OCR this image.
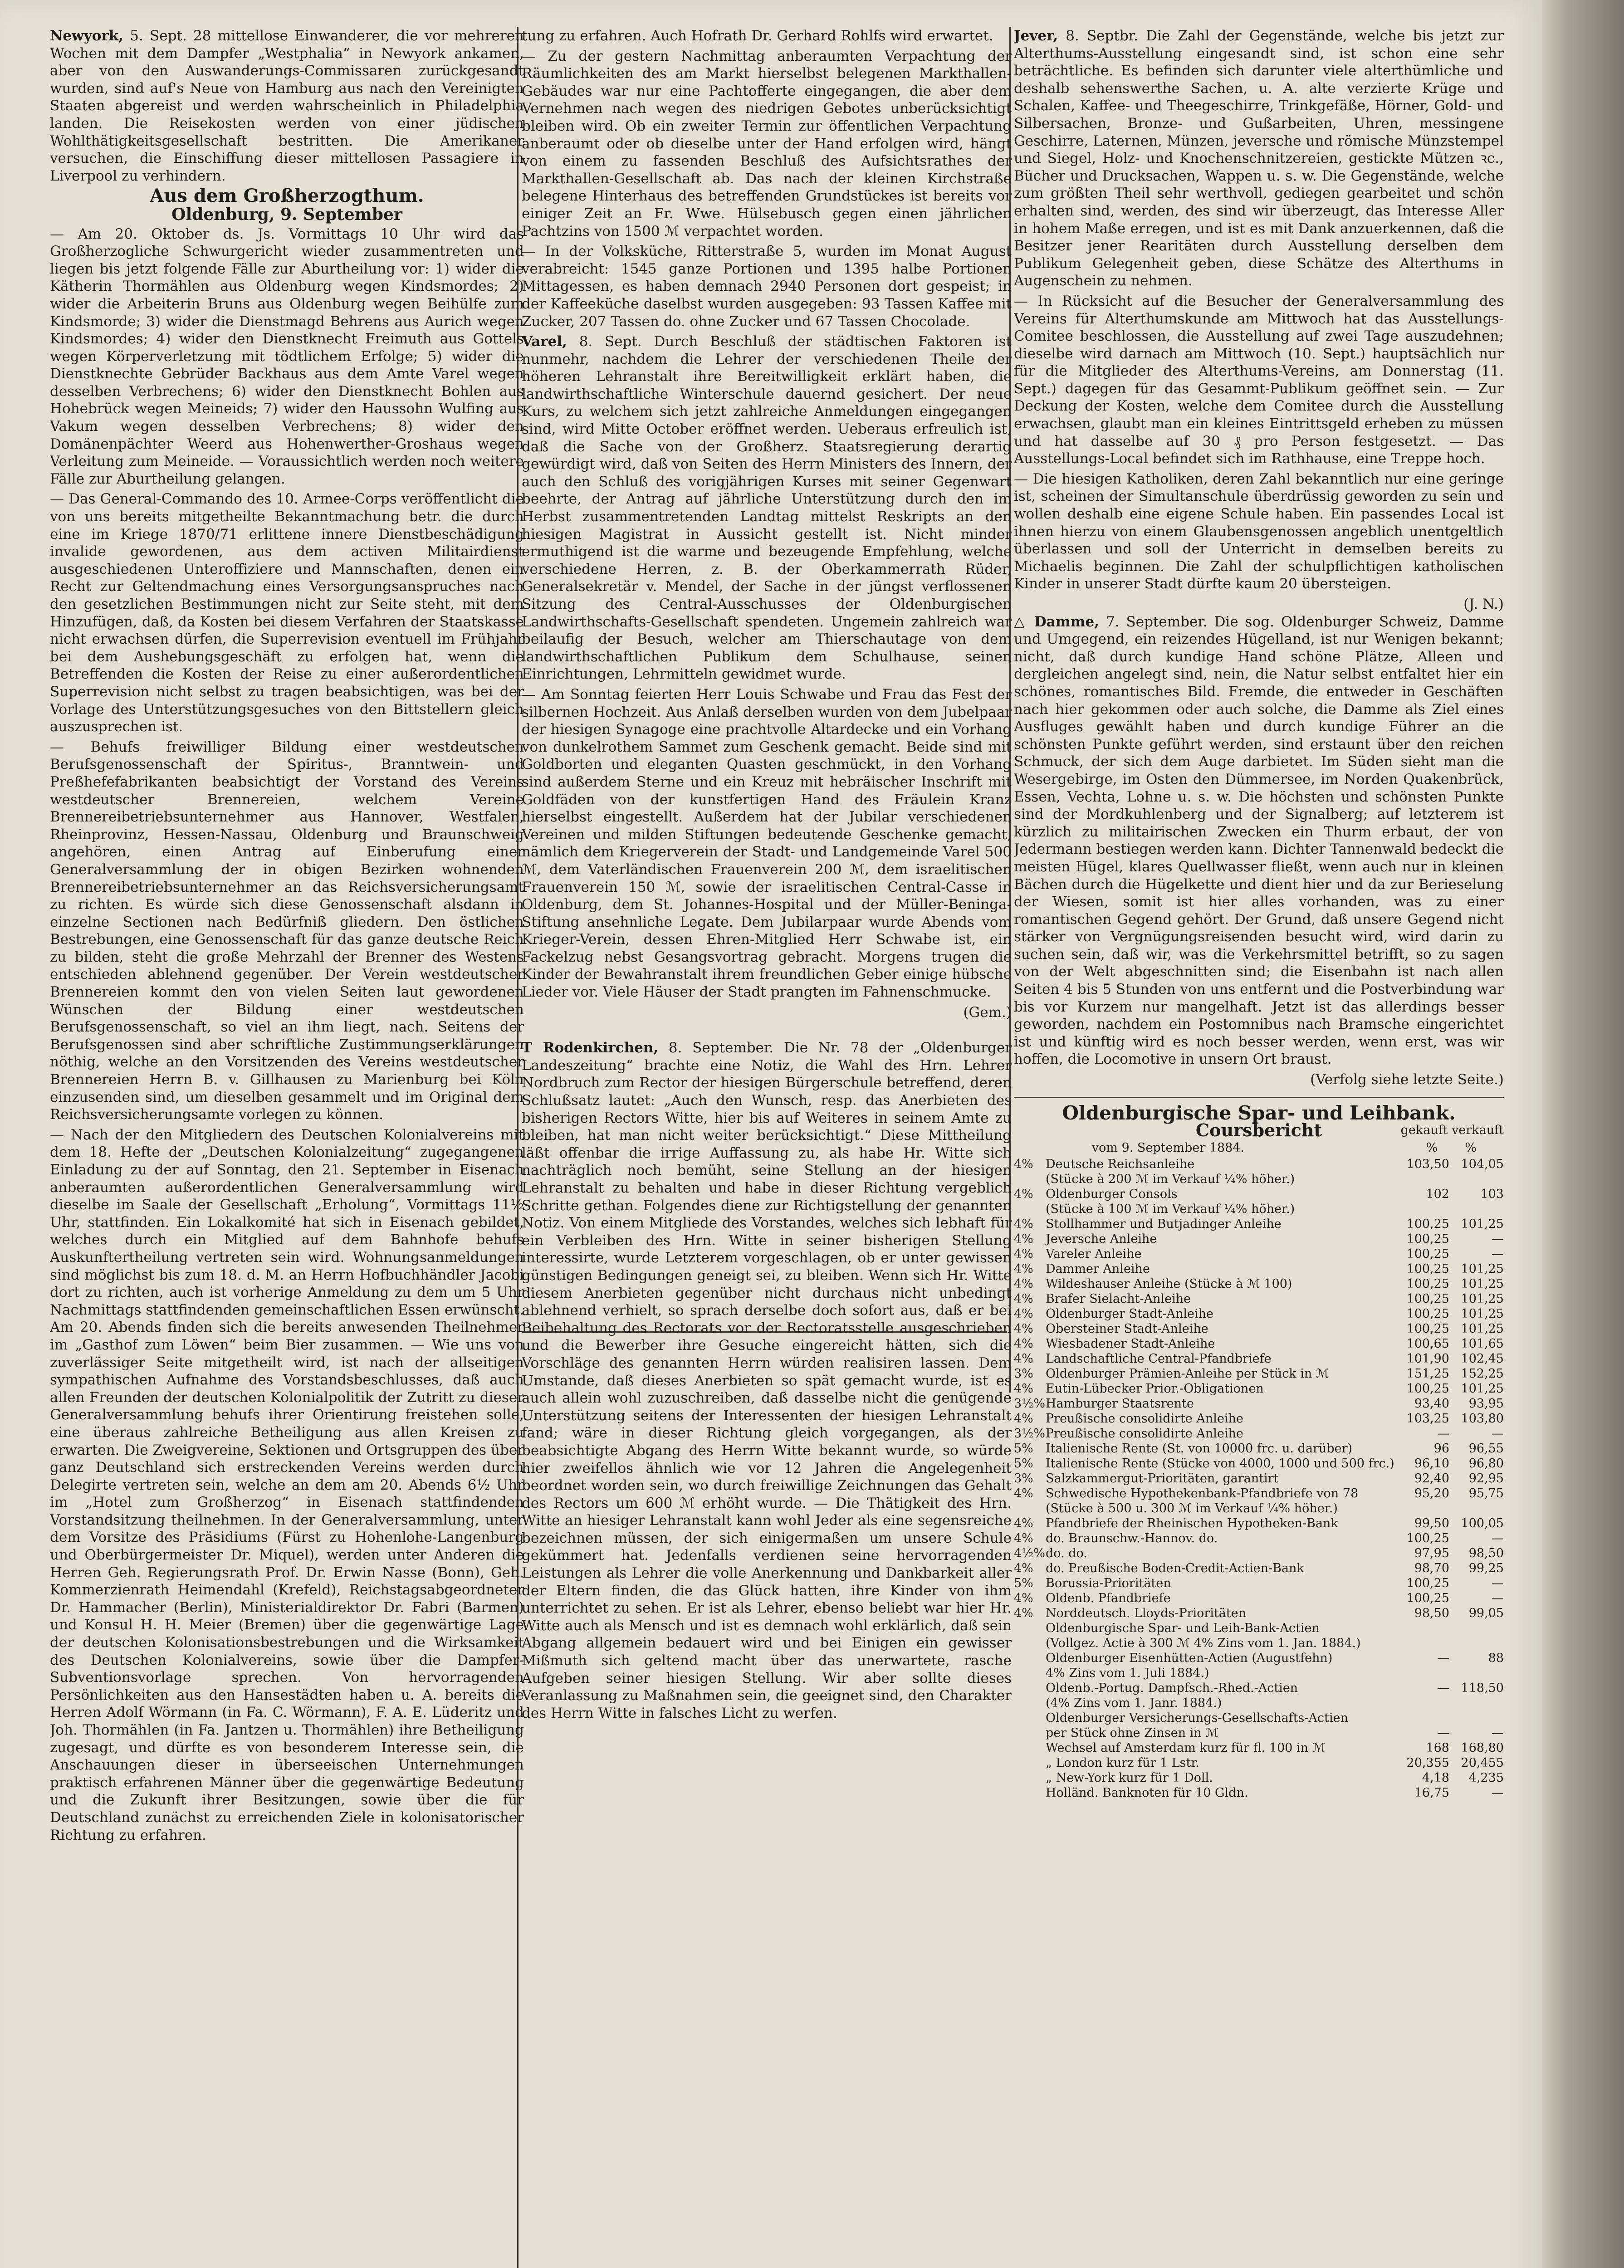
Newyork, 5. Sept. 28 mittellose Einwanderer, die vor mehreren Wochen mit dem Dampfer „Westphalia“ in Newyork ankamen, aber von den Auswanderungs-Commissaren zurückgesandt wurden, sind auf's Neue von Hamburg aus nach den Vereinigten Staaten abgereist und werden wahrscheinlich in Philadelphia landen. Die Reisekosten werden von einer jüdischen Wohlthätigkeitsgesellschaft bestritten. Die Amerikaner versuchen, die Einschiffung dieser mittellosen Passagiere in Liverpool zu verhindern.

Aus dem Großherzogthum.

Oldenburg, 9. September

— Am 20. Oktober ds. Js. Vormittags 10 Uhr wird das Großherzogliche Schwurgericht wieder zusammentreten und liegen bis jetzt folgende Fälle zur Aburtheilung vor: 1) wider die Kätherin Thormählen aus Oldenburg wegen Kindsmordes; 2) wider die Arbeiterin Bruns aus Oldenburg wegen Beihülfe zum Kindsmorde; 3) wider die Dienstmagd Behrens aus Aurich wegen Kindsmordes; 4) wider den Dienstknecht Freimuth aus Gottels wegen Körperverletzung mit tödtlichem Erfolge; 5) wider die Dienstknechte Gebrüder Backhaus aus dem Amte Varel wegen desselben Verbrechens; 6) wider den Dienstknecht Bohlen aus Hohebrück wegen Meineids; 7) wider den Haussohn Wulfing aus Vakum wegen desselben Verbrechens; 8) wider den Domänenpächter Weerd aus Hohenwerther-Groshaus wegen Verleitung zum Meineide. — Voraussichtlich werden noch weitere Fälle zur Aburtheilung gelangen.

— Das General-Commando des 10. Armee-Corps veröffentlicht die von uns bereits mitgetheilte Bekanntmachung betr. die durch eine im Kriege 1870/71 erlittene innere Dienstbeschädigung invalide gewordenen, aus dem activen Militairdienst ausgeschiedenen Unteroffiziere und Mannschaften, denen ein Recht zur Geltendmachung eines Versorgungsanspruches nach den gesetzlichen Bestimmungen nicht zur Seite steht, mit dem Hinzufügen, daß, da Kosten bei diesem Verfahren der Staatskasse nicht erwachsen dürfen, die Superrevision eventuell im Frühjahr bei dem Aushebungsgeschäft zu erfolgen hat, wenn die Betreffenden die Kosten der Reise zu einer außerordentlichen Superrevision nicht selbst zu tragen beabsichtigen, was bei der Vorlage des Unterstützungsgesuches von den Bittstellern gleich auszusprechen ist.

— Behufs freiwilliger Bildung einer westdeutschen Berufsgenossenschaft der Spiritus-, Branntwein- und Preßhefefabrikanten beabsichtigt der Vorstand des Vereins westdeutscher Brennereien, welchem Vereine Brennereibetriebsunternehmer aus Hannover, Westfalen, Rheinprovinz, Hessen-Nassau, Oldenburg und Braunschweig angehören, einen Antrag auf Einberufung einer Generalversammlung der in obigen Bezirken wohnenden Brennereibetriebsunternehmer an das Reichsversicherungsamt zu richten. Es würde sich diese Genossenschaft alsdann in einzelne Sectionen nach Bedürfniß gliedern. Den östlichen Bestrebungen, eine Genossenschaft für das ganze deutsche Reich zu bilden, steht die große Mehrzahl der Brenner des Westens entschieden ablehnend gegenüber. Der Verein westdeutscher Brennereien kommt den von vielen Seiten laut gewordenen Wünschen der Bildung einer westdeutschen Berufsgenossenschaft, so viel an ihm liegt, nach. Seitens der Berufsgenossen sind aber schriftliche Zustimmungserklärungen nöthig, welche an den Vorsitzenden des Vereins westdeutscher Brennereien Herrn B. v. Gillhausen zu Marienburg bei Köln einzusenden sind, um dieselben gesammelt und im Original dem Reichsversicherungsamte vorlegen zu können.

— Nach der den Mitgliedern des Deutschen Kolonialvereins mit dem 18. Hefte der „Deutschen Kolonialzeitung“ zugegangenen Einladung zu der auf Sonntag, den 21. September in Eisenach anberaumten außerordentlichen Generalversammlung wird dieselbe im Saale der Gesellschaft „Erholung“, Vormittags 11½ Uhr, stattfinden. Ein Lokalkomité hat sich in Eisenach gebildet, welches durch ein Mitglied auf dem Bahnhofe behufs Auskunftertheilung vertreten sein wird. Wohnungsanmeldungen sind möglichst bis zum 18. d. M. an Herrn Hofbuchhändler Jacobi dort zu richten, auch ist vorherige Anmeldung zu dem um 5 Uhr Nachmittags stattfindenden gemeinschaftlichen Essen erwünscht. Am 20. Abends finden sich die bereits anwesenden Theilnehmer im „Gasthof zum Löwen“ beim Bier zusammen. — Wie uns von zuverlässiger Seite mitgetheilt wird, ist nach der allseitigen sympathischen Aufnahme des Vorstandsbeschlusses, daß auch allen Freunden der deutschen Kolonialpolitik der Zutritt zu dieser Generalversammlung behufs ihrer Orientirung freistehen solle, eine überaus zahlreiche Betheiligung aus allen Kreisen zu erwarten. Die Zweigvereine, Sektionen und Ortsgruppen des über ganz Deutschland sich erstreckenden Vereins werden durch Delegirte vertreten sein, welche an dem am 20. Abends 6½ Uhr im „Hotel zum Großherzog“ in Eisenach stattfindenden Vorstandsitzung theilnehmen. In der Generalversammlung, unter dem Vorsitze des Präsidiums (Fürst zu Hohenlohe-Langenburg und Oberbürgermeister Dr. Miquel), werden unter Anderen die Herren Geh. Regierungsrath Prof. Dr. Erwin Nasse (Bonn), Geh. Kommerzienrath Heimendahl (Krefeld), Reichstagsabgeordneter Dr. Hammacher (Berlin), Ministerialdirektor Dr. Fabri (Barmen) und Konsul H. H. Meier (Bremen) über die gegenwärtige Lage der deutschen Kolonisationsbestrebungen und die Wirksamkeit des Deutschen Kolonialvereins, sowie über die Dampfer-Subventionsvorlage sprechen. Von hervorragenden Persönlichkeiten aus den Hansestädten haben u. A. bereits die Herren Adolf Wörmann (in Fa. C. Wörmann), F. A. E. Lüderitz und Joh. Thormählen (in Fa. Jantzen u. Thormählen) ihre Betheiligung zugesagt, und dürfte es von besonderem Interesse sein, die Anschauungen dieser in überseeischen Unternehmungen praktisch erfahrenen Männer über die gegenwärtige Bedeutung und die Zukunft ihrer Besitzungen, sowie über die für Deutschland zunächst zu erreichenden Ziele in kolonisatorischer Richtung zu erfahren.

tung zu erfahren. Auch Hofrath Dr. Gerhard Rohlfs wird erwartet.

— Zu der gestern Nachmittag anberaumten Verpachtung der Räumlichkeiten des am Markt hierselbst belegenen Markthallen-Gebäudes war nur eine Pachtofferte eingegangen, die aber dem Vernehmen nach wegen des niedrigen Gebotes unberücksichtigt bleiben wird. Ob ein zweiter Termin zur öffentlichen Verpachtung anberaumt oder ob dieselbe unter der Hand erfolgen wird, hängt von einem zu fassenden Beschluß des Aufsichtsrathes der Markthallen-Gesellschaft ab. Das nach der kleinen Kirchstraße belegene Hinterhaus des betreffenden Grundstückes ist bereits vor einiger Zeit an Fr. Wwe. Hülsebusch gegen einen jährlichen Pachtzins von 1500 ℳ verpachtet worden.

— In der Volksküche, Ritterstraße 5, wurden im Monat August verabreicht: 1545 ganze Portionen und 1395 halbe Portionen Mittagessen, es haben demnach 2940 Personen dort gespeist; in der Kaffeeküche daselbst wurden ausgegeben: 93 Tassen Kaffee mit Zucker, 207 Tassen do. ohne Zucker und 67 Tassen Chocolade.

Varel, 8. Sept. Durch Beschluß der städtischen Faktoren ist nunmehr, nachdem die Lehrer der verschiedenen Theile der höheren Lehranstalt ihre Bereitwilligkeit erklärt haben, die landwirthschaftliche Winterschule dauernd gesichert. Der neue Kurs, zu welchem sich jetzt zahlreiche Anmeldungen eingegangen sind, wird Mitte October eröffnet werden. Ueberaus erfreulich ist, daß die Sache von der Großherz. Staatsregierung derartig gewürdigt wird, daß von Seiten des Herrn Ministers des Innern, der auch den Schluß des vorigjährigen Kurses mit seiner Gegenwart beehrte, der Antrag auf jährliche Unterstützung durch den im Herbst zusammentretenden Landtag mittelst Reskripts an den hiesigen Magistrat in Aussicht gestellt ist. Nicht minder ermuthigend ist die warme und bezeugende Empfehlung, welche verschiedene Herren, z. B. der Oberkammerrath Rüder, Generalsekretär v. Mendel, der Sache in der jüngst verflossenen Sitzung des Central-Ausschusses der Oldenburgischen Landwirthschafts-Gesellschaft spendeten. Ungemein zahlreich war beilaufig der Besuch, welcher am Thierschautage von dem landwirthschaftlichen Publikum dem Schulhause, seinen Einrichtungen, Lehrmitteln gewidmet wurde.

— Am Sonntag feierten Herr Louis Schwabe und Frau das Fest der silbernen Hochzeit. Aus Anlaß derselben wurden von dem Jubelpaar der hiesigen Synagoge eine prachtvolle Altardecke und ein Vorhang von dunkelrothem Sammet zum Geschenk gemacht. Beide sind mit Goldborten und eleganten Quasten geschmückt, in den Vorhang sind außerdem Sterne und ein Kreuz mit hebräischer Inschrift mit Goldfäden von der kunstfertigen Hand des Fräulein Kranz hierselbst eingestellt. Außerdem hat der Jubilar verschiedenen Vereinen und milden Stiftungen bedeutende Geschenke gemacht, nämlich dem Kriegerverein der Stadt- und Landgemeinde Varel 500 ℳ, dem Vaterländischen Frauenverein 200 ℳ, dem israelitischen Frauenverein 150 ℳ, sowie der israelitischen Central-Casse in Oldenburg, dem St. Johannes-Hospital und der Müller-Beninga-Stiftung ansehnliche Legate. Dem Jubilarpaar wurde Abends vom Krieger-Verein, dessen Ehren-Mitglied Herr Schwabe ist, ein Fackelzug nebst Gesangsvortrag gebracht. Morgens trugen die Kinder der Bewahranstalt ihrem freundlichen Geber einige hübsche Lieder vor. Viele Häuser der Stadt prangten im Fahnenschmucke.

(Gem.)

T Rodenkirchen, 8. September. Die Nr. 78 der „Oldenburger Landeszeitung“ brachte eine Notiz, die Wahl des Hrn. Lehrer Nordbruch zum Rector der hiesigen Bürgerschule betreffend, deren Schlußsatz lautet: „Auch den Wunsch, resp. das Anerbieten des bisherigen Rectors Witte, hier bis auf Weiteres in seinem Amte zu bleiben, hat man nicht weiter berücksichtigt.“ Diese Mittheilung läßt offenbar die irrige Auffassung zu, als habe Hr. Witte sich nachträglich noch bemüht, seine Stellung an der hiesigen Lehranstalt zu behalten und habe in dieser Richtung vergeblich Schritte gethan. Folgendes diene zur Richtigstellung der genannten Notiz. Von einem Mitgliede des Vorstandes, welches sich lebhaft für ein Verbleiben des Hrn. Witte in seiner bisherigen Stellung interessirte, wurde Letzterem vorgeschlagen, ob er unter gewissen günstigen Bedingungen geneigt sei, zu bleiben. Wenn sich Hr. Witte diesem Anerbieten gegenüber nicht durchaus nicht unbedingt ablehnend verhielt, so sprach derselbe doch sofort aus, daß er bei Beibehaltung des Rectorats vor der Rectoratsstelle ausgeschrieben und die Bewerber ihre Gesuche eingereicht hätten, sich die Vorschläge des genannten Herrn würden realisiren lassen. Dem Umstande, daß dieses Anerbieten so spät gemacht wurde, ist es auch allein wohl zuzuschreiben, daß dasselbe nicht die genügende Unterstützung seitens der Interessenten der hiesigen Lehranstalt fand; wäre in dieser Richtung gleich vorgegangen, als der beabsichtigte Abgang des Herrn Witte bekannt wurde, so würde hier zweifellos ähnlich wie vor 12 Jahren die Angelegenheit beordnet worden sein, wo durch freiwillige Zeichnungen das Gehalt des Rectors um 600 ℳ erhöht wurde. — Die Thätigkeit des Hrn. Witte an hiesiger Lehranstalt kann wohl Jeder als eine segensreiche bezeichnen müssen, der sich einigermaßen um unsere Schule gekümmert hat. Jedenfalls verdienen seine hervorragenden Leistungen als Lehrer die volle Anerkennung und Dankbarkeit aller der Eltern finden, die das Glück hatten, ihre Kinder von ihm unterrichtet zu sehen. Er ist als Lehrer, ebenso beliebt war hier Hr. Witte auch als Mensch und ist es demnach wohl erklärlich, daß sein Abgang allgemein bedauert wird und bei Einigen ein gewisser Mißmuth sich geltend macht über das unerwartete, rasche Aufgeben seiner hiesigen Stellung. Wir aber sollte dieses Veranlassung zu Maßnahmen sein, die geeignet sind, den Charakter des Herrn Witte in falsches Licht zu werfen.

Jever, 8. Septbr. Die Zahl der Gegenstände, welche bis jetzt zur Alterthums-Ausstellung eingesandt sind, ist schon eine sehr beträchtliche. Es befinden sich darunter viele alterthümliche und deshalb sehenswerthe Sachen, u. A. alte verzierte Krüge und Schalen, Kaffee- und Theegeschirre, Trinkgefäße, Hörner, Gold- und Silbersachen, Bronze- und Gußarbeiten, Uhren, messingene Geschirre, Laternen, Münzen, jeversche und römische Münzstempel und Siegel, Holz- und Knochenschnitzereien, gestickte Mützen ꝛc., Bücher und Drucksachen, Wappen u. s. w. Die Gegenstände, welche zum größten Theil sehr werthvoll, gediegen gearbeitet und schön erhalten sind, werden, des sind wir überzeugt, das Interesse Aller in hohem Maße erregen, und ist es mit Dank anzuerkennen, daß die Besitzer jener Rearitäten durch Ausstellung derselben dem Publikum Gelegenheit geben, diese Schätze des Alterthums in Augenschein zu nehmen.

— In Rücksicht auf die Besucher der Generalversammlung des Vereins für Alterthumskunde am Mittwoch hat das Ausstellungs-Comitee beschlossen, die Ausstellung auf zwei Tage auszudehnen; dieselbe wird darnach am Mittwoch (10. Sept.) hauptsächlich nur für die Mitglieder des Alterthums-Vereins, am Donnerstag (11. Sept.) dagegen für das Gesammt-Publikum geöffnet sein. — Zur Deckung der Kosten, welche dem Comitee durch die Ausstellung erwachsen, glaubt man ein kleines Eintrittsgeld erheben zu müssen und hat dasselbe auf 30 ₰ pro Person festgesetzt. — Das Ausstellungs-Local befindet sich im Rathhause, eine Treppe hoch.

— Die hiesigen Katholiken, deren Zahl bekanntlich nur eine geringe ist, scheinen der Simultanschule überdrüssig geworden zu sein und wollen deshalb eine eigene Schule haben. Ein passendes Local ist ihnen hierzu von einem Glaubensgenossen angeblich unentgeltlich überlassen und soll der Unterricht in demselben bereits zu Michaelis beginnen. Die Zahl der schulpflichtigen katholischen Kinder in unserer Stadt dürfte kaum 20 übersteigen.

(J. N.)

△ Damme, 7. September. Die sog. Oldenburger Schweiz, Damme und Umgegend, ein reizendes Hügelland, ist nur Wenigen bekannt; nicht, daß durch kundige Hand schöne Plätze, Alleen und dergleichen angelegt sind, nein, die Natur selbst entfaltet hier ein schönes, romantisches Bild. Fremde, die entweder in Geschäften nach hier gekommen oder auch solche, die Damme als Ziel eines Ausfluges gewählt haben und durch kundige Führer an die schönsten Punkte geführt werden, sind erstaunt über den reichen Schmuck, der sich dem Auge darbietet. Im Süden sieht man die Wesergebirge, im Osten den Dümmersee, im Norden Quakenbrück, Essen, Vechta, Lohne u. s. w. Die höchsten und schönsten Punkte sind der Mordkuhlenberg und der Signalberg; auf letzterem ist kürzlich zu militairischen Zwecken ein Thurm erbaut, der von Jedermann bestiegen werden kann. Dichter Tannenwald bedeckt die meisten Hügel, klares Quellwasser fließt, wenn auch nur in kleinen Bächen durch die Hügelkette und dient hier und da zur Berieselung der Wiesen, somit ist hier alles vorhanden, was zu einer romantischen Gegend gehört. Der Grund, daß unsere Gegend nicht stärker von Vergnügungsreisenden besucht wird, wird darin zu suchen sein, daß wir, was die Verkehrsmittel betrifft, so zu sagen von der Welt abgeschnitten sind; die Eisenbahn ist nach allen Seiten 4 bis 5 Stunden von uns entfernt und die Postverbindung war bis vor Kurzem nur mangelhaft. Jetzt ist das allerdings besser geworden, nachdem ein Postomnibus nach Bramsche eingerichtet ist und künftig wird es noch besser werden, wenn erst, was wir hoffen, die Locomotive in unsern Ort braust.

(Verfolg siehe letzte Seite.)

Oldenburgische Spar- und Leihbank.

Coursbericht	gekauft verkauft
vom 9. September 1884.	% %
4%	Deutsche Reichsanleihe	103,50	104,05
	(Stücke à 200 ℳ im Verkauf ¼% höher.)		
4%	Oldenburger Consols	102	103
	(Stücke à 100 ℳ im Verkauf ¼% höher.)		
4%	Stollhammer und Butjadinger Anleihe	100,25	101,25
4%	Jeversche Anleihe	100,25	—
4%	Vareler Anleihe	100,25	—
4%	Dammer Anleihe	100,25	101,25
4%	Wildeshauser Anleihe (Stücke à ℳ 100)	100,25	101,25
4%	Brafer Sielacht-Anleihe	100,25	101,25
4%	Oldenburger Stadt-Anleihe	100,25	101,25
4%	Obersteiner Stadt-Anleihe	100,25	101,25
4%	Wiesbadener Stadt-Anleihe	100,65	101,65
4%	Landschaftliche Central-Pfandbriefe	101,90	102,45
3%	Oldenburger Prämien-Anleihe per Stück in ℳ	151,25	152,25
4%	Eutin-Lübecker Prior.-Obligationen	100,25	101,25
3½%	Hamburger Staatsrente	93,40	93,95
4%	Preußische consolidirte Anleihe	103,25	103,80
3½%	Preußische consolidirte Anleihe	—	—
5%	Italienische Rente (St. von 10000 frc. u. darüber)	96	96,55
5%	Italienische Rente (Stücke von 4000, 1000 und 500 frc.)	96,10	96,80
3%	Salzkammergut-Prioritäten, garantirt	92,40	92,95
4%	Schwedische Hypothekenbank-Pfandbriefe von 78	95,20	95,75
	(Stücke à 500 u. 300 ℳ im Verkauf ¼% höher.)		
4%	Pfandbriefe der Rheinischen Hypotheken-Bank	99,50	100,05
4%	do. Braunschw.-Hannov. do.	100,25	—
4½%	do. do.	97,95	98,50
4%	do. Preußische Boden-Credit-Actien-Bank	98,70	99,25
5%	Borussia-Prioritäten	100,25	—
4%	Oldenb. Pfandbriefe	100,25	—
4%	Norddeutsch. Lloyds-Prioritäten	98,50	99,05
	Oldenburgische Spar- und Leih-Bank-Actien		
	(Vollgez. Actie à 300 ℳ 4% Zins vom 1. Jan. 1884.)		
	Oldenburger Eisenhütten-Actien (Augustfehn)	—	88
	4% Zins vom 1. Juli 1884.)		
	Oldenb.-Portug. Dampfsch.-Rhed.-Actien	—	118,50
	(4% Zins vom 1. Janr. 1884.)		
	Oldenburger Versicherungs-Gesellschafts-Actien		
	per Stück ohne Zinsen in ℳ	—	—
	Wechsel auf Amsterdam kurz für fl. 100 in ℳ	168	168,80
	„ London kurz für 1 Lstr.	20,355	20,455
	„ New-York kurz für 1 Doll.	4,18	4,235
	Holländ. Banknoten für 10 Gldn.	16,75	—
